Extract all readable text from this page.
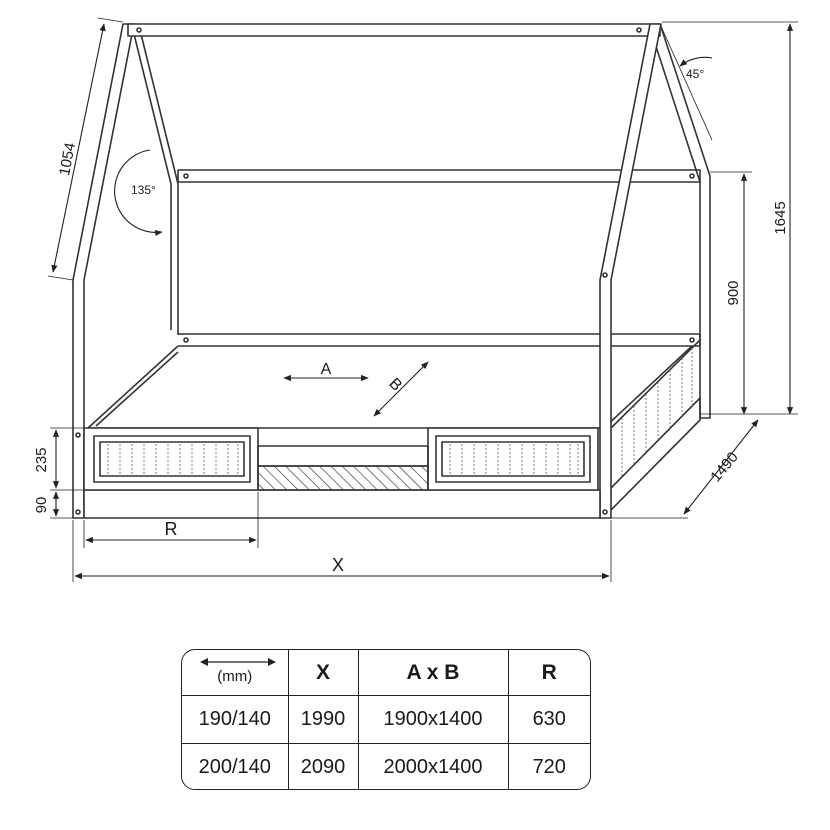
1054
135°
45°
1645
900
1490
235
90
R
X
A
B
(mm)	X	A x B	R
190/140	1990	1900x1400	630
200/140	2090	2000x1400	720
